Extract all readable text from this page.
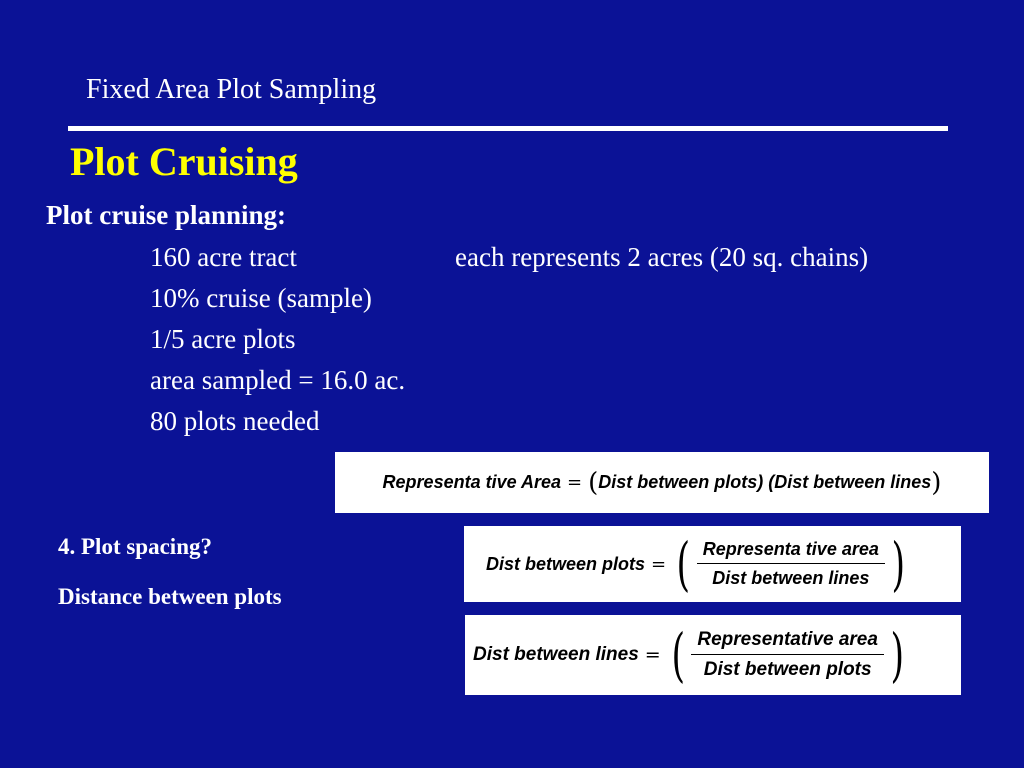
Fixed Area Plot Sampling
Plot Cruising
Plot cruise planning:
160 acre tract	each represents 2 acres (20 sq. chains)
10% cruise (sample)
1/5 acre plots
area sampled = 16.0 ac.
80 plots needed
Representa tive Area = ( Dist between plots) (Dist between lines )
4. Plot spacing?
Distance between plots
Dist between plots = ( $\frac{\text{Representa tive area}}{\text{Dist between lines}}$ )
Dist between lines = ( $\frac{\text{Representative area}}{\text{Dist between plots}}$ )
